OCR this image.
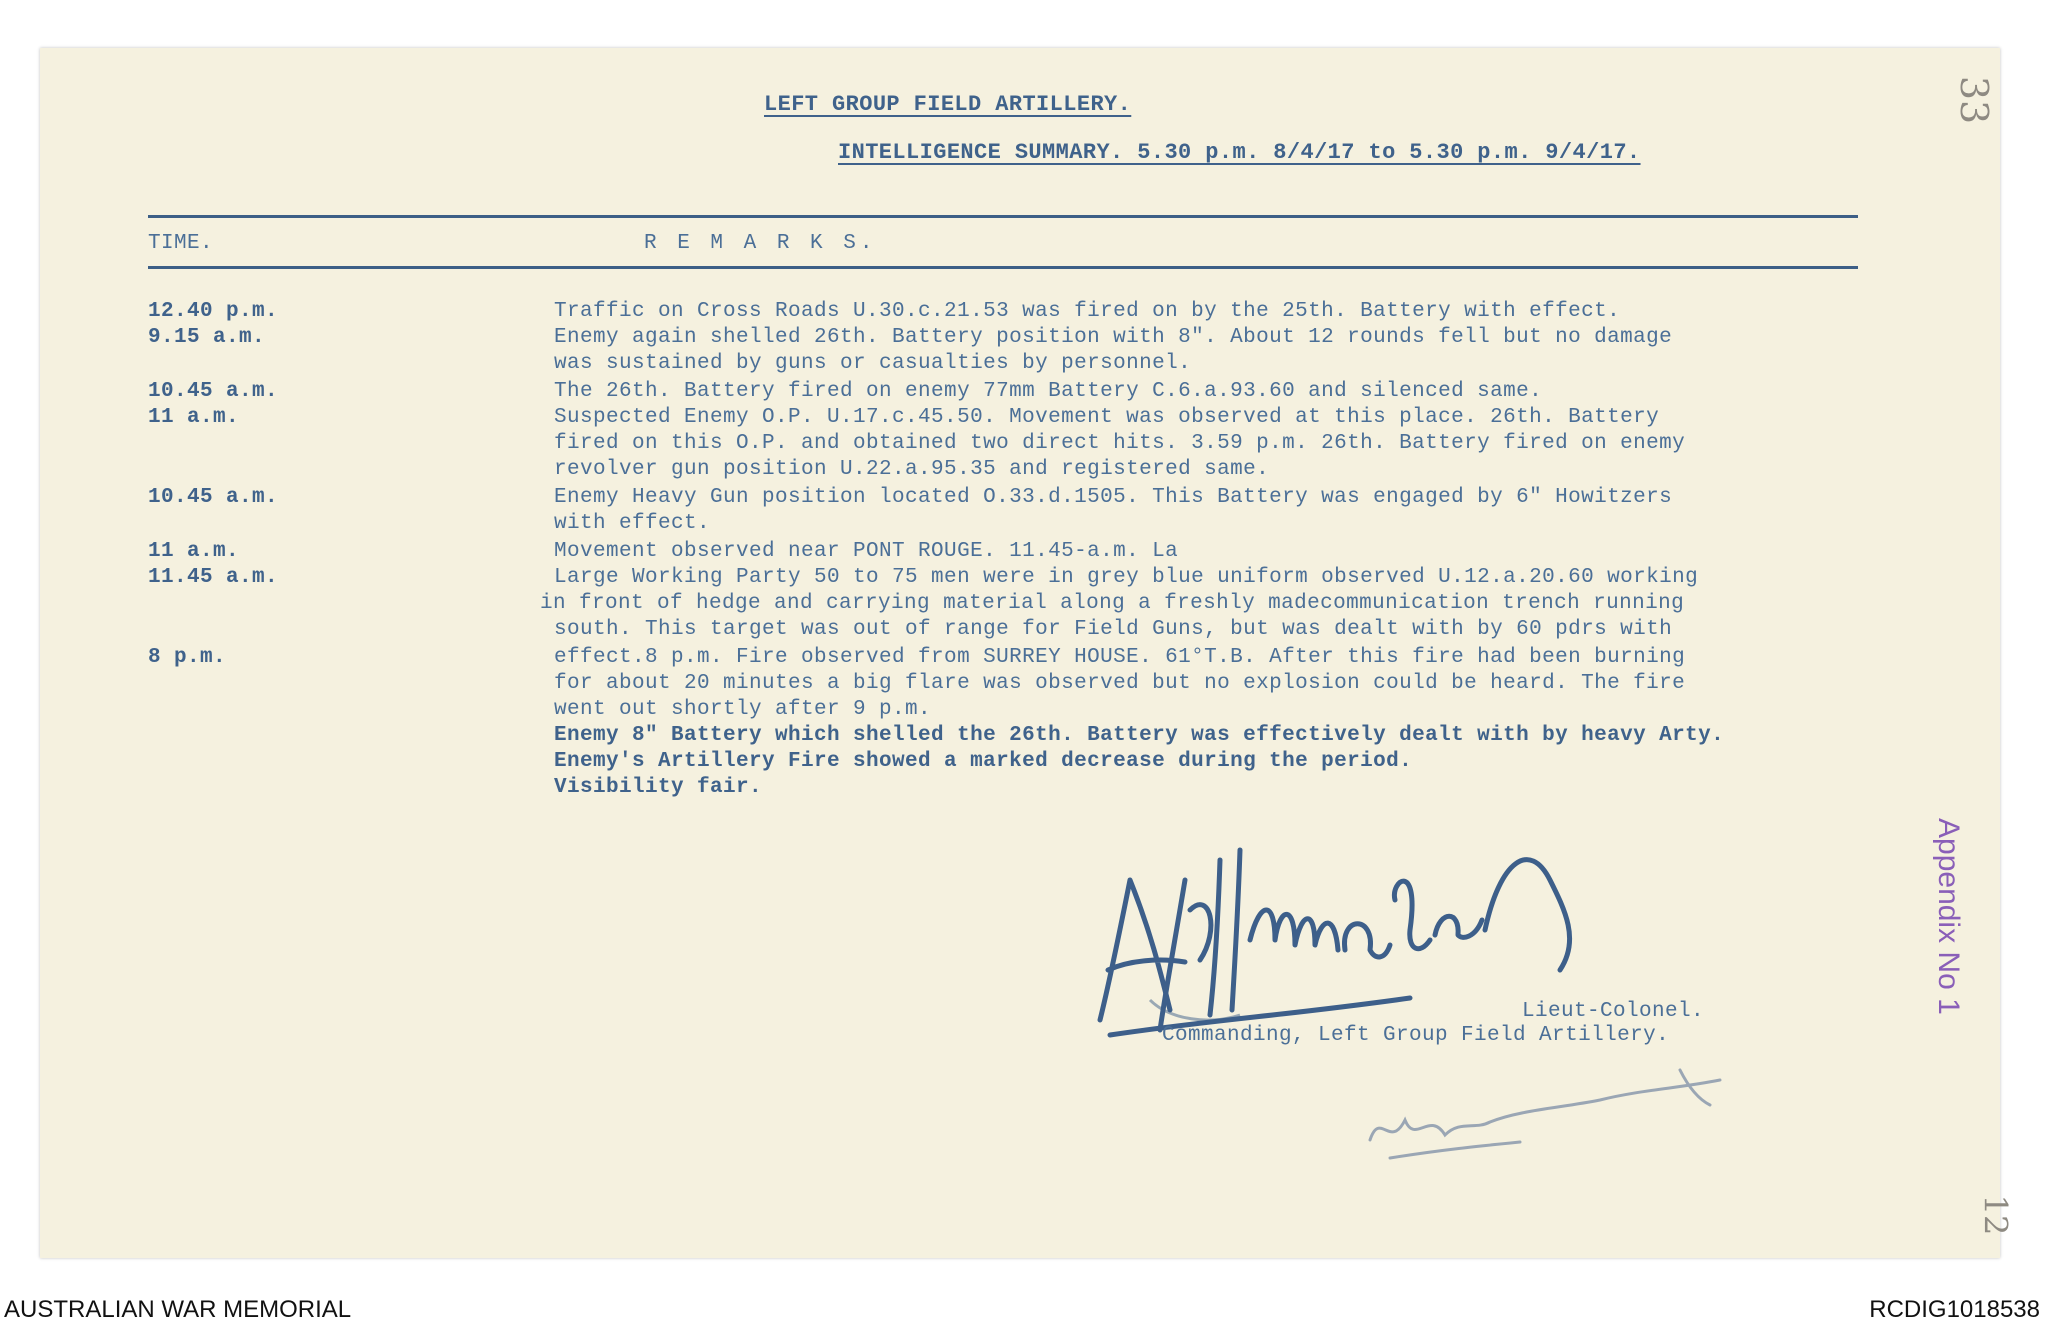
LEFT GROUP FIELD ARTILLERY.
INTELLIGENCE SUMMARY. 5.30 p.m. 8/4/17 to 5.30 p.m. 9/4/17.
TIME.	R E M A R K S.
12.40 p.m.
9.15 a.m.
10.45 a.m.
11 a.m.
10.45 a.m.
11 a.m.
11.45 a.m.
8 p.m.
Traffic on Cross Roads U.30.c.21.53 was fired on by the 25th. Battery with effect.
Enemy again shelled 26th. Battery position with 8". About 12 rounds fell but no damage
was sustained by guns or casualties by personnel.
The 26th. Battery fired on enemy 77mm Battery C.6.a.93.60 and silenced same.
Suspected Enemy O.P. U.17.c.45.50. Movement was observed at this place. 26th. Battery
fired on this O.P. and obtained two direct hits. 3.59 p.m. 26th. Battery fired on enemy
revolver gun position U.22.a.95.35 and registered same.
Enemy Heavy Gun position located O.33.d.1505. This Battery was engaged by 6" Howitzers
with effect.
Movement observed near PONT ROUGE. 11.45-a.m. La
Large Working Party 50 to 75 men were in grey blue uniform observed U.12.a.20.60 working
in front of hedge and carrying material along a freshly madecommunication trench running
south. This target was out of range for Field Guns, but was dealt with by 60 pdrs with
effect.8 p.m. Fire observed from SURREY HOUSE. 61°T.B. After this fire had been burning
for about 20 minutes a big flare was observed but no explosion could be heard. The fire
went out shortly after 9 p.m.
Enemy 8" Battery which shelled the 26th. Battery was effectively dealt with by heavy Arty.
Enemy's Artillery Fire showed a marked decrease during the period.
Visibility fair.
Lieut-Colonel.
Commanding, Left Group Field Artillery.
33
Appendix No 1
12
AUSTRALIAN WAR MEMORIAL	RCDIG1018538
